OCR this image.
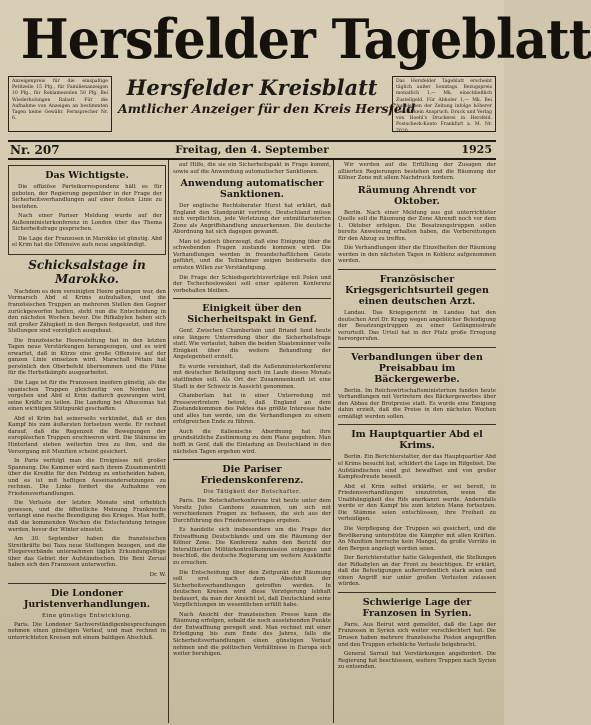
Hersfelder Tageblatt
Anzeigenpreis für die einspaltige Petitzeile 15 Pfg., für Familienanzeigen 10 Pfg., für Reklamezeilen 50 Pfg. Bei Wiederholungen Rabatt. Für die Aufnahme von Anzeigen an bestimmten Tagen keine Gewähr. Fernsprecher Nr. 6.
Hersfelder Kreisblatt
Amtlicher Anzeiger für den Kreis Hersfeld
Das Hersfelder Tageblatt erscheint täglich außer Sonntags. Bezugspreis monatlich 1,— Mk. einschließlich Zustellgeld. Für Abholer 1,— Mk. Bei Ausbleiben der Zeitung infolge höherer Gewalt kein Anspruch. Druck und Verlag von Hoehl's Druckerei in Hersfeld. Postscheck-Konto Frankfurt a. M. Nr. 7020.
Nr. 207	Freitag, den 4. September	1925
Das Wichtigste.

Die offiziöse Parteikorrespondenz hält es für geboten, der Regierung gegenüber in der Frage der Sicherheitsverhandlungen auf einer festen Linie zu bestehen.

Nach einer Pariser Meldung wurde auf der Außenministerkonferenz in London über das Thema Sicherheitsfrage gesprochen.

Die Lage der Franzosen in Marokko ist günstig. Abd el Krim hat die Offensive aufs neue angekündigt.

Schicksalstage in Marokko.

Nachdem es dem vereinigten Heere gelungen war, den Vormarsch Abd el Krims aufzuhalten, und die französischen Truppen an mehreren Stellen den Gegner zurückgeworfen hatten, steht nun die Entscheidung in den nächsten Wochen bevor. Die Rifkabylen haben sich mit großer Zähigkeit in den Bergen festgesetzt, und ihre Stellungen sind vorzüglich ausgebaut.

Die französische Heeresleitung hat in den letzten Tagen neue Verstärkungen herangezogen, und es wird erwartet, daß in Kürze eine große Offensive auf der ganzen Linie einsetzen wird. Marschall Pétain hat persönlich den Oberbefehl übernommen und die Pläne für die Herbstkämpfe ausgearbeitet.

Die Lage ist für die Franzosen insofern günstig, als die spanischen Truppen gleichzeitig von Norden her vorgehen und Abd el Krim dadurch gezwungen wird, seine Kräfte zu teilen. Die Landung bei Alhucemas hat einen wichtigen Stützpunkt geschaffen.

Abd el Krim hat seinerseits verkündet, daß er den Kampf bis zum äußersten fortsetzen werde. Er rechnet darauf, daß die Regenzeit die Bewegungen der europäischen Truppen erschweren wird. Die Stämme im Hinterland stehen weiterhin treu zu ihm, und die Versorgung mit Munition scheint gesichert.

In Paris verfolgt man die Ereignisse mit großer Spannung. Die Kammer wird nach ihrem Zusammentritt über die Kredite für den Feldzug zu entscheiden haben, und es ist mit heftigen Auseinandersetzungen zu rechnen. Die Linke fordert die Aufnahme von Friedensverhandlungen.

Die Verluste der letzten Monate sind erheblich gewesen, und die öffentliche Meinung Frankreichs verlangt eine rasche Beendigung des Krieges. Man hofft, daß die kommenden Wochen die Entscheidung bringen werden, bevor der Winter einsetzt.

Am 30. September haben die französischen Streitkräfte bei Taza neue Stellungen bezogen, und die Fliegerverbände unternehmen täglich Erkundungsflüge über das Gebiet der Aufständischen. Die Beni Zerual haben sich den Franzosen unterworfen.

Dr. W.
Die Londoner Juristenverhandlungen.
Eine günstige Entwicklung.

Paris. Die Londoner Sachverständigenbesprechungen nehmen einen günstigen Verlauf, und man rechnet in unterrichteten Kreisen mit einem baldigen Abschluß.

auf Hilfe, die sie ein Sicherheitspakt in Frage kommt, sowie auf die Anwendung automatischer Sanktionen.

Anwendung automatischer Sanktionen.

Der englische Rechtsberater Hurst hat erklärt, daß England den Standpunkt vertrete, Deutschland müsse sich verpflichten, jede Verletzung der entmilitarisierten Zone als Angriffshandlung anzuerkennen. Die deutsche Abordnung hat sich dagegen gewandt.

Man ist jedoch überzeugt, daß eine Einigung über die schwebenden Fragen zustande kommen wird. Die Verhandlungen werden in freundschaftlichem Geiste geführt, und die Teilnehmer zeigen beiderseits den ernsten Willen zur Verständigung.

Die Frage der Schiedsgerichtsverträge mit Polen und der Tschechoslowakei soll einer späteren Konferenz vorbehalten bleiben.

Einigkeit über den Sicherheitspakt in Genf.

Genf. Zwischen Chamberlain und Briand fand heute eine längere Unterredung über die Sicherheitsfrage statt. Wie verlautet, haben die beiden Staatsmänner volle Einigkeit über die weitere Behandlung der Angelegenheit erzielt.

Es wurde vereinbart, daß die Außenministerkonferenz mit deutscher Beteiligung noch im Laufe dieses Monats stattfinden soll. Als Ort der Zusammenkunft ist eine Stadt in der Schweiz in Aussicht genommen.

Chamberlain hat in einer Unterredung mit Pressevertretern betont, daß England an dem Zustandekommen des Paktes das größte Interesse habe und alles tun werde, um die Verhandlungen zu einem erfolgreichen Ende zu führen.

Auch die italienische Abordnung hat ihre grundsätzliche Zustimmung zu dem Plane gegeben. Man hofft in Genf, daß die Einladung an Deutschland in den nächsten Tagen ergehen wird.

Die Pariser Friedenskonferenz.
Die Tätigkeit der Botschafter.

Paris. Die Botschafterkonferenz trat heute unter dem Vorsitz Jules Cambons zusammen, um sich mit verschiedenen Fragen zu befassen, die sich aus der Durchführung des Friedensvertrages ergeben.

Es handelte sich insbesondere um die Frage der Entwaffnung Deutschlands und um die Räumung der Kölner Zone. Die Konferenz nahm den Bericht der Interalliierten Militärkontrollkommission entgegen und beschloß, die deutsche Regierung um weitere Auskünfte zu ersuchen.

Die Entscheidung über den Zeitpunkt der Räumung soll erst nach dem Abschluß der Sicherheitsverhandlungen getroffen werden. In deutschen Kreisen wird diese Verzögerung lebhaft bedauert, da man der Ansicht ist, daß Deutschland seine Verpflichtungen im wesentlichen erfüllt habe.

Nach Ansicht der französischen Presse kann die Räumung erfolgen, sobald die noch ausstehenden Punkte der Entwaffnung geregelt sind. Man rechnet mit einer Erledigung bis zum Ende des Jahres, falls die Sicherheitsverhandlungen einen günstigen Verlauf nehmen und die politischen Verhältnisse in Europa sich weiter beruhigen.

Wir werden auf die Erfüllung der Zusagen der alliierten Regierungen bestehen und die Räumung der Kölner Zone mit allem Nachdruck fordern.

Räumung Ahrendt vor Oktober.

Berlin. Nach einer Meldung aus gut unterrichteter Quelle soll die Räumung der Zone Ahrendt noch vor dem 1. Oktober erfolgen. Die Besatzungstruppen sollen bereits Anweisung erhalten haben, die Vorbereitungen für den Abzug zu treffen.

Die Verhandlungen über die Einzelheiten der Räumung werden in den nächsten Tagen in Koblenz aufgenommen werden.

Französischer Kriegsgerichtsurteil gegen einen deutschen Arzt.

Landau. Das Kriegsgericht in Landau hat den deutschen Arzt Dr. Krapp wegen angeblicher Beleidigung der Besatzungstruppen zu einer Gefängnisstrafe verurteilt. Das Urteil hat in der Pfalz große Erregung hervorgerufen.

Verbandlungen über den Preisabbau im Bäckergewerbe.

Berlin. Im Reichswirtschaftsministerium fanden heute Verhandlungen mit Vertretern des Bäckergewerbes über den Abbau der Brotpreise statt. Es wurde eine Einigung dahin erzielt, daß die Preise in den nächsten Wochen ermäßigt werden sollen.

Im Hauptquartier Abd el Krims.

Berlin. Ein Berichterstatter, der das Hauptquartier Abd el Krims besucht hat, schildert die Lage im Rifgebiet. Die Aufständischen sind gut bewaffnet und von großer Kampfesfreude beseelt.

Abd el Krim selbst erklärte, er sei bereit, in Friedensverhandlungen einzutreten, wenn die Unabhängigkeit des Rifs anerkannt werde. Andernfalls werde er den Kampf bis zum letzten Mann fortsetzen. Die Stämme seien entschlossen, ihre Freiheit zu verteidigen.

Die Verpflegung der Truppen sei gesichert, und die Bevölkerung unterstütze die Kämpfer mit allen Kräften. An Munition herrsche kein Mangel, da große Vorräte in den Bergen angelegt worden seien.

Der Berichterstatter hatte Gelegenheit, die Stellungen der Rifkabylen an der Front zu besichtigen. Er erklärt, daß die Befestigungen außerordentlich stark seien und einen Angriff nur unter großen Verlusten zulassen würden.

Schwierige Lage der Franzosen in Syrien.

Paris. Aus Beirut wird gemeldet, daß die Lage der Franzosen in Syrien sich weiter verschlechtert hat. Die Drusen haben mehrere französische Posten angegriffen und den Truppen erhebliche Verluste beigebracht.

General Sarrail hat Verstärkungen angefordert. Die Regierung hat beschlossen, weitere Truppen nach Syrien zu entsenden.
